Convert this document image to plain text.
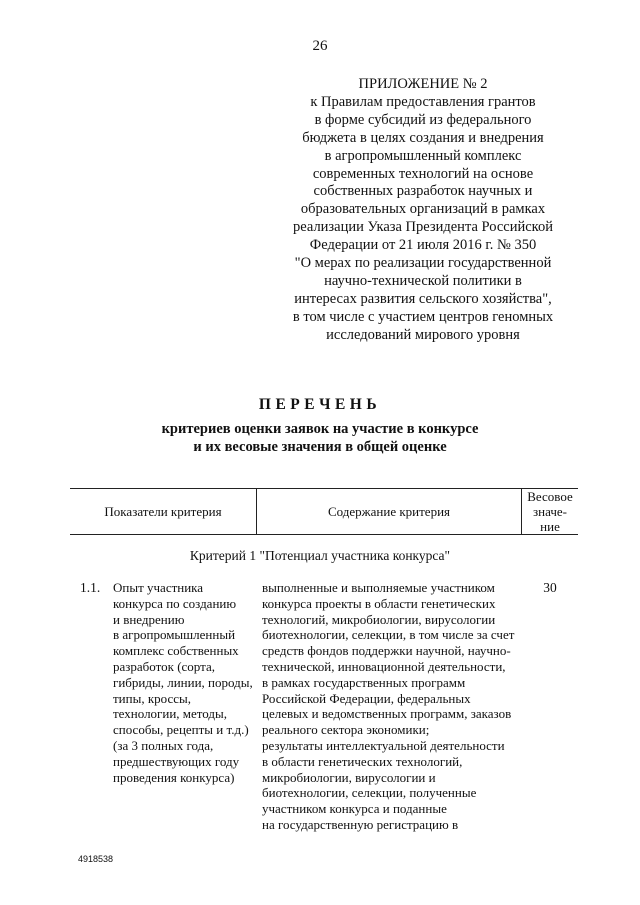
26
ПРИЛОЖЕНИЕ № 2
к Правилам предоставления грантов
в форме субсидий из федерального
бюджета в целях создания и внедрения
в агропромышленный комплекс
современных технологий на основе
собственных разработок научных и
образовательных организаций в рамках
реализации Указа Президента Российской
Федерации от 21 июля 2016 г. № 350
"О мерах по реализации государственной
научно-технической политики в
интересах развития сельского хозяйства",
в том числе с участием центров геномных
исследований мирового уровня
ПЕРЕЧЕНЬ
критериев оценки заявок на участие в конкурсе
и их весовые значения в общей оценке
Показатели критерия	Содержание критерия
Весовое
значе-
ние
Критерий 1 "Потенциал участника конкурса"
1.1. Опыт участника
конкурса по созданию
и внедрению
в агропромышленный
комплекс собственных
разработок (сорта,
гибриды, линии, породы,
типы, кроссы,
технологии, методы,
способы, рецепты и т.д.)
(за 3 полных года,
предшествующих году
проведения конкурса)
выполненные и выполняемые участником
конкурса проекты в области генетических
технологий, микробиологии, вирусологии
биотехнологии, селекции, в том числе за счет
средств фондов поддержки научной, научно-
технической, инновационной деятельности,
в рамках государственных программ
Российской Федерации, федеральных
целевых и ведомственных программ, заказов
реального сектора экономики;
результаты интеллектуальной деятельности
в области генетических технологий,
микробиологии, вирусологии и
биотехнологии, селекции, полученные
участником конкурса и поданные
на государственную регистрацию в
30
4918538
